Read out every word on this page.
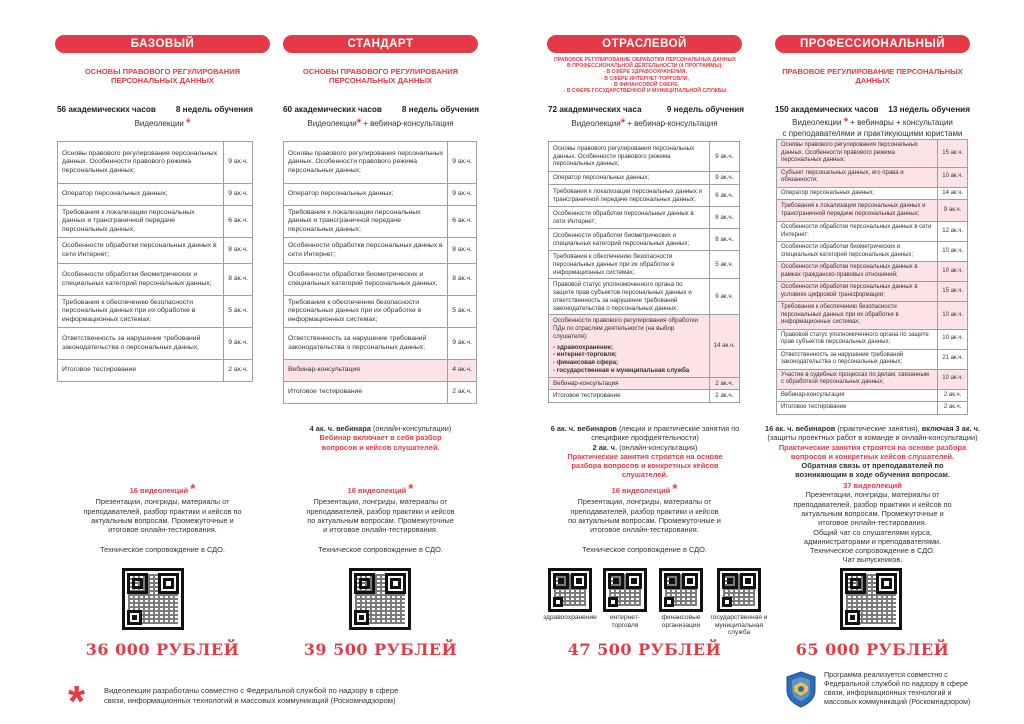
БАЗОВЫЙ
ОСНОВЫ ПРАВОВОГО РЕГУЛИРОВАНИЯ ПЕРСОНАЛЬНЫХ ДАННЫХ
56 академических часов 8 недель обучения
Видеолекции *
Основы правового регулирования персональных данных. Особенности правового режима персональных данных;	9 ак.ч.
Оператор персональных данных;	9 ак.ч.
Требования к локализации персональных данных и трансграничной передаче персональных данных;	6 ак.ч.
Особенности обработки персональных данных в сети Интернет;	8 ак.ч.
Особенности обработки биометрических и специальных категорий персональных данных;	8 ак.ч.
Требования к обеспечению безопасности персональных данных при их обработке в информационных системах;	5 ак.ч.
Ответственность за нарушение требований законодательства о персональных данных;	9 ак.ч.
Итоговое тестирование	2 ак.ч.
16 видеолекций *
Презентации, лонгриды, материалы от преподавателей, разбор практики и кейсов по актуальным вопросам. Промежуточные и итоговое онлайн-тестирования.
Техническое сопровождение в СДО.
36 000 РУБЛЕЙ
СТАНДАРТ
ОСНОВЫ ПРАВОВОГО РЕГУЛИРОВАНИЯ ПЕРСОНАЛЬНЫХ ДАННЫХ
60 академических часов 8 недель обучения
Видеолекции* + вебинар-консультация
Основы правового регулирования персональных данных. Особенности правового режима персональных данных;	9 ак.ч.
Оператор персональных данных;	9 ак.ч.
Требования к локализации персональных данных и трансграничной передаче персональных данных;	6 ак.ч.
Особенности обработки персональных данных в сети Интернет;	8 ак.ч.
Особенности обработки биометрических и специальных категорий персональных данных;	8 ак.ч.
Требования к обеспечению безопасности персональных данных при их обработке в информационных системах;	5 ак.ч.
Ответственность за нарушение требований законодательства о персональных данных;	9 ак.ч.
Вебинар-консультация	4 ак.ч.
Итоговое тестирование	2 ак.ч.
4 ак. ч. вебинара (онлайн-консультации)
Вебинар включает в себя разбор вопросов и кейсов слушателей.
16 видеолекций *
Презентации, лонгриды, материалы от преподавателей, разбор практики и кейсов по актуальным вопросам. Промежуточные и итоговое онлайн-тестирования.
Техническое сопровождение в СДО.
39 500 РУБЛЕЙ
ОТРАСЛЕВОЙ
ПРАВОВОЕ РЕГУЛИРОВАНИЕ ОБРАБОТКИ ПЕРСОНАЛЬНЫХ ДАННЫХ
В ПРОФЕССИОНАЛЬНОЙ ДЕЯТЕЛЬНОСТИ (4 ПРОГРАММЫ):
- В СФЕРЕ ЗДРАВООХРАНЕНИЯ,
- В СФЕРЕ ИНТЕРНЕТ-ТОРГОВЛИ,
- В ФИНАНСОВОЙ СФЕРЕ,
- В СФЕРЕ ГОСУДАРСТВЕННОЙ И МУНИЦИПАЛЬНОЙ СЛУЖБЫ
72 академических часа	9 недель обучения
Видеолекции* + вебинар-консультация
Основы правового регулирования персональных данных. Особенности правового режима персональных данных;	9 ак.ч.
Оператор персональных данных;	9 ак.ч.
Требования к локализации персональных данных и трансграничной передаче персональных данных;	6 ак.ч.
Особенности обработки персональных данных в сети Интернет;	8 ак.ч.
Особенности обработки биометрических и специальных категорий персональных данных;	8 ак.ч.
Требования к обеспечению безопасности персональных данных при их обработке в информационных системах;	5 ак.ч.
Правовой статус уполномоченного органа по защите прав субъектов персональных данных и ответственность за нарушение требований законодательства о персональных данных;	9 ак.ч.

Особенности правового регулирования обработки ПДн по отраслям деятельности (на выбор слушателя):
- здравоохранение;
- интернет-торговля;
- финансовая сфера;
- государственная и муниципальная служба	14 ак.ч.
Вебинар-консультация	2 ак.ч.
Итоговое тестирование	2 ак.ч.
6 ак. ч. вебинаров (лекции и практические занятия по специфике профдеятельности)
2 ак. ч. (онлайн-консультация)
Практические занятия строятся на основе разбора вопросов и конкретных кейсов слушателей.
16 видеолекций *
Презентации, лонгриды, материалы от преподавателей, разбор практики и кейсов по актуальным вопросам. Промежуточные и итоговое онлайн-тестирования.
Техническое сопровождение в СДО.
здравоохранение	интернет-торговля
финансовые организации
государственная и муниципальная служба
47 500 РУБЛЕЙ
ПРОФЕССИОНАЛЬНЫЙ
ПРАВОВОЕ РЕГУЛИРОВАНИЕ ПЕРСОНАЛЬНЫХ ДАННЫХ
150 академических часов 13 недель обучения
Видеолекции * + вебинары + консультации
с преподавателями и практикующими юристами
Основы правового регулирования персональных данных. Особенности правового режима персональных данных;	15 ак.ч.
Субъект персональных данных, его права и обязанности;	10 ак.ч.
Оператор персональных данных;	14 ак.ч.
Требования к локализации персональных данных и трансграничной передаче персональных данных;	9 ак.ч.
Особенности обработки персональных данных в сети Интернет;	12 ак.ч.
Особенности обработки биометрических и специальных категорий персональных данных;	10 ак.ч.
Особенности обработки персональных данных в рамках гражданско-правовых отношений;	10 ак.ч.
Особенности обработки персональных данных в условиях цифровой трансформации;	15 ак.ч.
Требования к обеспечению безопасности персональных данных при их обработке в информационных системах;	10 ак.ч.
Правовой статус уполномоченного органа по защите прав субъектов персональных данных;	10 ак.ч.
Ответственность за нарушение требований законодательства о персональных данных;	21 ак.ч.
Участие в судебных процессах по делам, связанным с обработкой персональных данных;	10 ак.ч.
Вебинар-консультация	2 ак.ч.
Итоговое тестирование	2 ак.ч.
16 ак. ч. вебинаров (практические занятия), включая 3 ак. ч.
(защиты проектных работ в команде и онлайн-консультации)
Практические занятия строятся на основе разбора вопросов и конкретных кейсов слушателей.
Обратная связь от преподавателей по возникающим в ходе обучения вопросам.
37 видеолекций
Презентации, лонгриды, материалы от преподавателей, разбор практики и кейсов по актуальным вопросам. Промежуточные и итоговое онлайн-тестирования.
Общий чат со слушателями курса, администраторами и преподавателями.
Техническое сопровождение в СДО.
Чат выпускников.
65 000 РУБЛЕЙ
* Видеолекции разработаны совместно с Федеральной службой по надзору в сфере связи, информационных технологий и массовых коммуникаций (Роскомнадзором)
Программа реализуется совместно с Федеральной службой по надзору в сфере связи, информационных технологий и массовых коммуникаций (Роскомнадзором)
